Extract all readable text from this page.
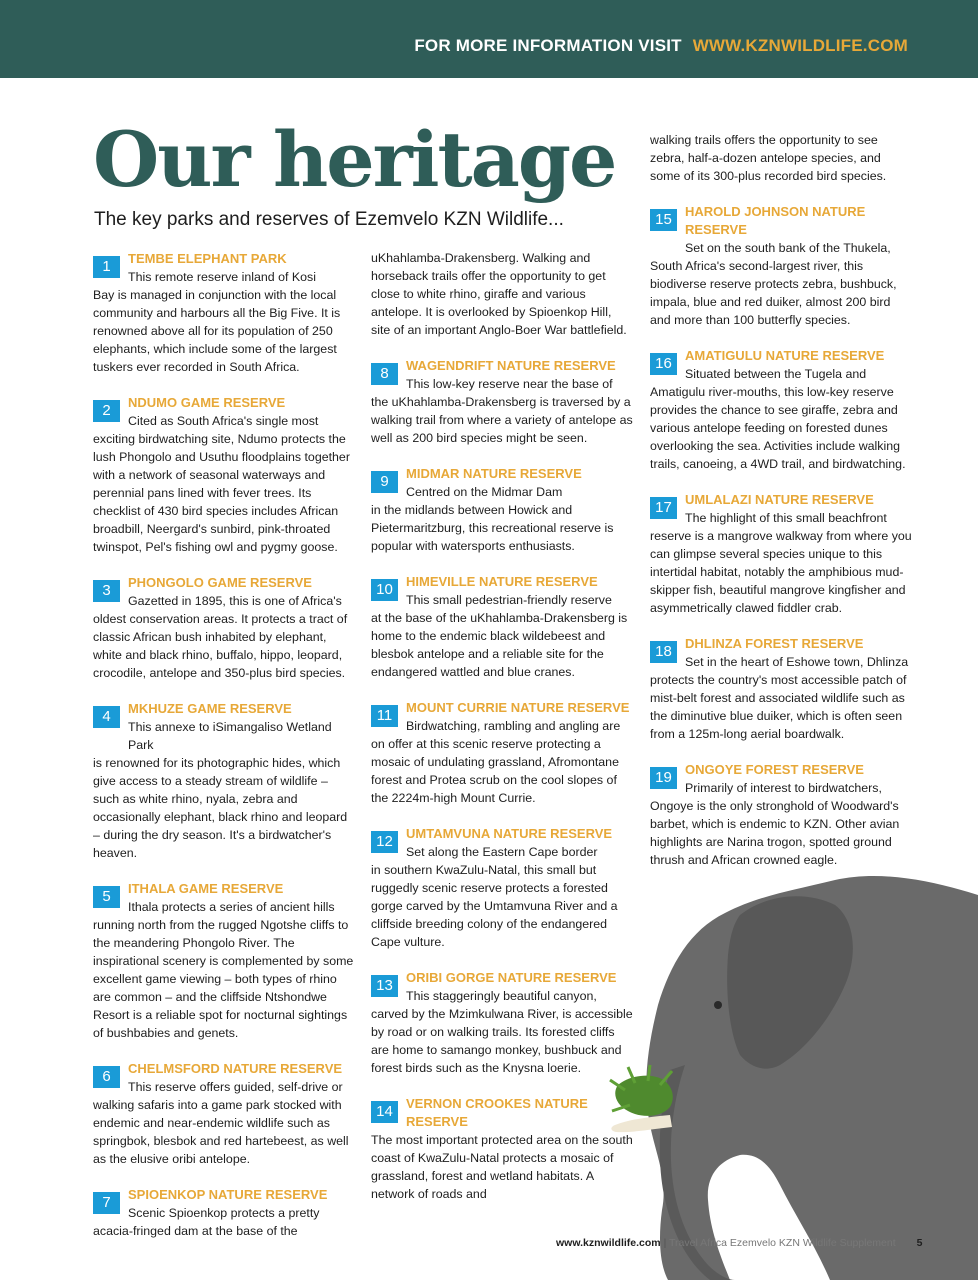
FOR MORE INFORMATION VISIT WWW.KZNWILDLIFE.COM
Our heritage
The key parks and reserves of Ezemvelo KZN Wildlife...
1	TEMBE ELEPHANT PARK
This remote reserve inland of Kosi
Bay is managed in conjunction with the local community and harbours all the Big Five. It is renowned above all for its population of 250 elephants, which include some of the largest tuskers ever recorded in South Africa.
2	NDUMO GAME RESERVE
Cited as South Africa's single most
exciting birdwatching site, Ndumo protects the lush Phongolo and Usuthu floodplains together with a network of seasonal waterways and perennial pans lined with fever trees. Its checklist of 430 bird species includes African broadbill, Neergard's sunbird, pink-throated twinspot, Pel's fishing owl and pygmy goose.
3	PHONGOLO GAME RESERVE
Gazetted in 1895, this is one of Africa's
oldest conservation areas. It protects a tract of classic African bush inhabited by elephant, white and black rhino, buffalo, hippo, leopard, crocodile, antelope and 350-plus bird species.
4	MKHUZE GAME RESERVE
This annexe to iSimangaliso Wetland Park
is renowned for its photographic hides, which give access to a steady stream of wildlife – such as white rhino, nyala, zebra and occasionally elephant, black rhino and leopard – during the dry season. It's a birdwatcher's heaven.
5	ITHALA GAME RESERVE
Ithala protects a series of ancient hills
running north from the rugged Ngotshe cliffs to the meandering Phongolo River. The inspirational scenery is complemented by some excellent game viewing – both types of rhino are common – and the cliffside Ntshondwe Resort is a reliable spot for nocturnal sightings of bushbabies and genets.
6	CHELMSFORD NATURE RESERVE
This reserve offers guided, self-drive or
walking safaris into a game park stocked with endemic and near-endemic wildlife such as springbok, blesbok and red hartebeest, as well as the elusive oribi antelope.
7	SPIOENKOP NATURE RESERVE
Scenic Spioenkop protects a pretty
acacia-fringed dam at the base of the
uKhahlamba-Drakensberg. Walking and horseback trails offer the opportunity to get close to white rhino, giraffe and various antelope. It is overlooked by Spioenkop Hill, site of an important Anglo-Boer War battlefield.
8	WAGENDRIFT NATURE RESERVE
This low-key reserve near the base of
the uKhahlamba-Drakensberg is traversed by a walking trail from where a variety of antelope as well as 200 bird species might be seen.
9	MIDMAR NATURE RESERVE
Centred on the Midmar Dam
in the midlands between Howick and Pietermaritzburg, this recreational reserve is popular with watersports enthusiasts.
10	HIMEVILLE NATURE RESERVE
This small pedestrian-friendly reserve
at the base of the uKhahlamba-Drakensberg is home to the endemic black wildebeest and blesbok antelope and a reliable site for the endangered wattled and blue cranes.
11	MOUNT CURRIE NATURE RESERVE
Birdwatching, rambling and angling are
on offer at this scenic reserve protecting a mosaic of undulating grassland, Afromontane forest and Protea scrub on the cool slopes of the 2224m-high Mount Currie.
12	UMTAMVUNA NATURE RESERVE
Set along the Eastern Cape border
in southern KwaZulu-Natal, this small but ruggedly scenic reserve protects a forested gorge carved by the Umtamvuna River and a cliffside breeding colony of the endangered Cape vulture.
13	ORIBI GORGE NATURE RESERVE
This staggeringly beautiful canyon,
carved by the Mzimkulwana River, is accessible by road or on walking trails. Its forested cliffs are home to samango monkey, bushbuck and forest birds such as the Knysna loerie.
14	VERNON CROOKES NATURE RESERVE
The most important protected area on the south coast of KwaZulu-Natal protects a mosaic of grassland, forest and wetland habitats. A network of roads and
walking trails offers the opportunity to see zebra, half-a-dozen antelope species, and some of its 300-plus recorded bird species.
15	HAROLD JOHNSON NATURE RESERVE
Set on the south bank of the Thukela,
South Africa's second-largest river, this biodiverse reserve protects zebra, bushbuck, impala, blue and red duiker, almost 200 bird and more than 100 butterfly species.
16	AMATIGULU NATURE RESERVE
Situated between the Tugela and
Amatigulu river-mouths, this low-key reserve provides the chance to see giraffe, zebra and various antelope feeding on forested dunes overlooking the sea. Activities include walking trails, canoeing, a 4WD trail, and birdwatching.
17	UMLALAZI NATURE RESERVE
The highlight of this small beachfront
reserve is a mangrove walkway from where you can glimpse several species unique to this intertidal habitat, notably the amphibious mud-skipper fish, beautiful mangrove kingfisher and asymmetrically clawed fiddler crab.
18	DHLINZA FOREST RESERVE
Set in the heart of Eshowe town, Dhlinza
protects the country's most accessible patch of mist-belt forest and associated wildlife such as the diminutive blue duiker, which is often seen from a 125m-long aerial boardwalk.
19	ONGOYE FOREST RESERVE
Primarily of interest to birdwatchers,
Ongoye is the only stronghold of Woodward's barbet, which is endemic to KZN. Other avian highlights are Narina trogon, spotted ground thrush and African crowned eagle.
www.kznwildlife.com | Travel Africa Ezemvelo KZN Wildlife Supplement 5
